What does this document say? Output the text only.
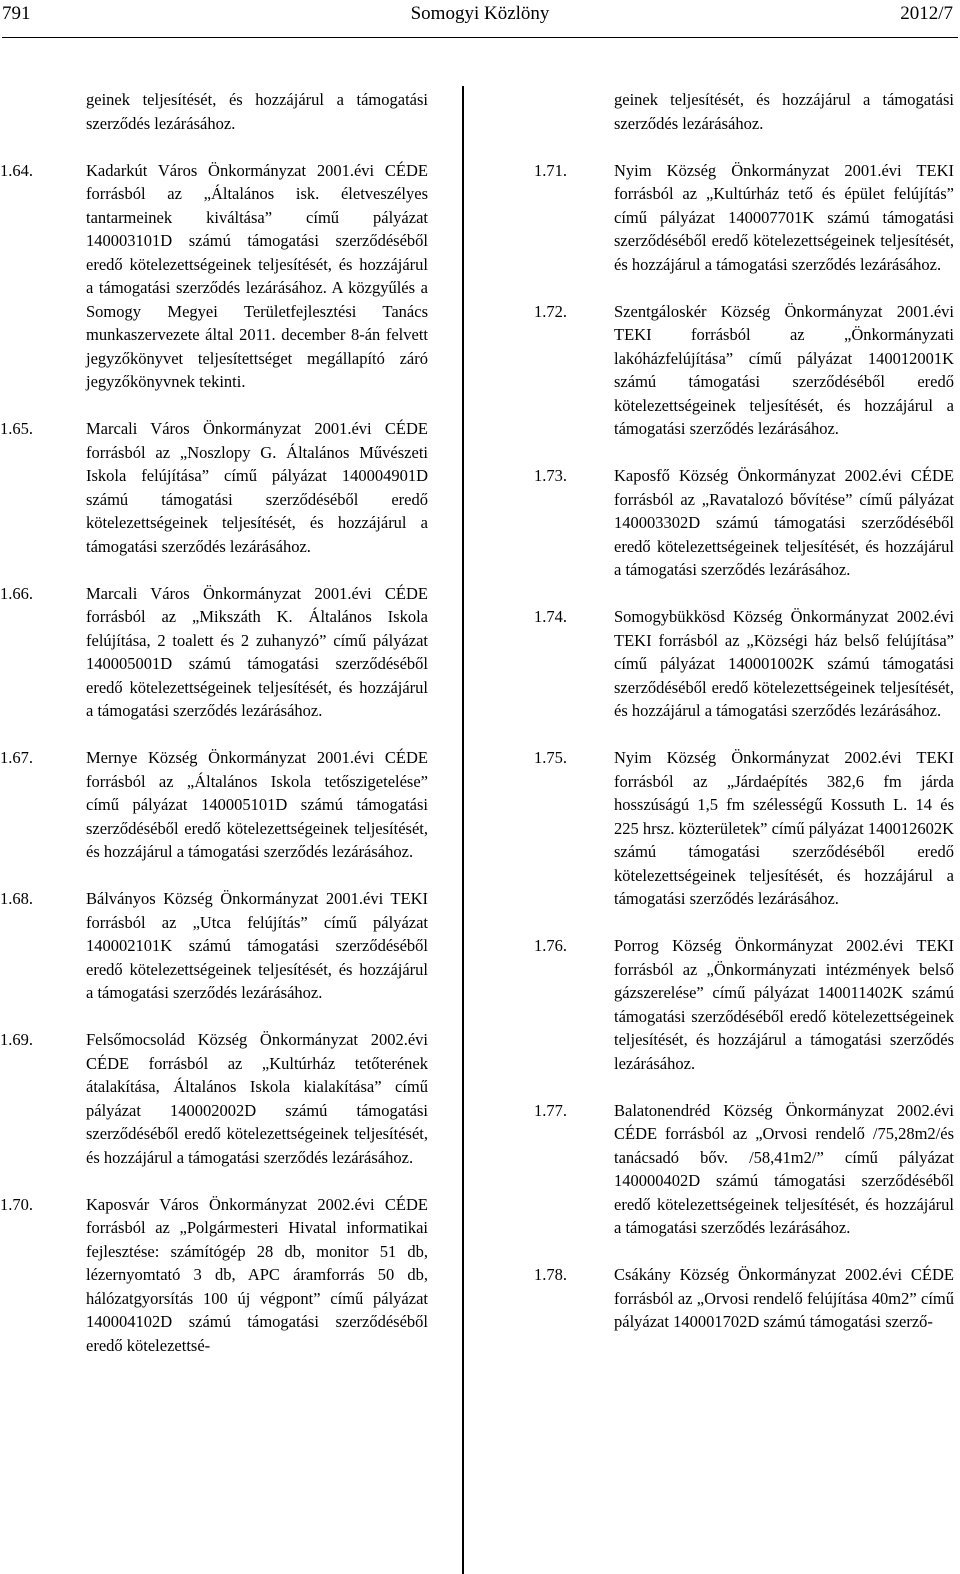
791	Somogyi Közlöny	2012/7
geinek teljesítését, és hozzájárul a támogatási szerződés lezárásához.
1.64.	Kadarkút Város Önkormányzat 2001.évi CÉDE forrásból az „Általános isk. életveszélyes tantarmeinek kiváltása” című pályázat 140003101D számú támogatási szerződéséből eredő kötelezettségeinek teljesítését, és hozzájárul a támogatási szerződés lezárásához. A közgyűlés a Somogy Megyei Területfejlesztési Tanács munkaszervezete által 2011. december 8-án felvett jegyzőkönyvet teljesítettséget megállapító záró jegyzőkönyvnek tekinti.
1.65.	Marcali Város Önkormányzat 2001.évi CÉDE forrásból az „Noszlopy G. Általános Művészeti Iskola felújítása” című pályázat 140004901D számú támogatási szerződéséből eredő kötelezettségeinek teljesítését, és hozzájárul a támogatási szerződés lezárásához.
1.66.	Marcali Város Önkormányzat 2001.évi CÉDE forrásból az „Mikszáth K. Általános Iskola felújítása, 2 toalett és 2 zuhanyzó” című pályázat 140005001D számú támogatási szerződéséből eredő kötelezettségeinek teljesítését, és hozzájárul a támogatási szerződés lezárásához.
1.67.	Mernye Község Önkormányzat 2001.évi CÉDE forrásból az „Általános Iskola tetőszigetelése” című pályázat 140005101D számú támogatási szerződéséből eredő kötelezettségeinek teljesítését, és hozzájárul a támogatási szerződés lezárásához.
1.68.	Bálványos Község Önkormányzat 2001.évi TEKI forrásból az „Utca felújítás” című pályázat 140002101K számú támogatási szerződéséből eredő kötelezettségeinek teljesítését, és hozzájárul a támogatási szerződés lezárásához.
1.69.	Felsőmocsolád Község Önkormányzat 2002.évi CÉDE forrásból az „Kultúrház tetőterének átalakítása, Általános Iskola kialakítása” című pályázat 140002002D számú támogatási szerződéséből eredő kötelezettségeinek teljesítését, és hozzájárul a támogatási szerződés lezárásához.
1.70.	Kaposvár Város Önkormányzat 2002.évi CÉDE forrásból az „Polgármesteri Hivatal informatikai fejlesztése: számítógép 28 db, monitor 51 db, lézernyomtató 3 db, APC áramforrás 50 db, hálózatgyorsítás 100 új végpont” című pályázat 140004102D számú támogatási szerződéséből eredő kötelezettsé-
geinek teljesítését, és hozzájárul a támogatási szerződés lezárásához.
1.71.	Nyim Község Önkormányzat 2001.évi TEKI forrásból az „Kultúrház tető és épület felújítás” című pályázat 140007701K számú támogatási szerződéséből eredő kötelezettségeinek teljesítését, és hozzájárul a támogatási szerződés lezárásához.
1.72.	Szentgáloskér Község Önkormányzat 2001.évi TEKI forrásból az „Önkormányzati lakóházfelújítása” című pályázat 140012001K számú támogatási szerződéséből eredő kötelezettségeinek teljesítését, és hozzájárul a támogatási szerződés lezárásához.
1.73.	Kaposfő Község Önkormányzat 2002.évi CÉDE forrásból az „Ravatalozó bővítése” című pályázat 140003302D számú támogatási szerződéséből eredő kötelezettségeinek teljesítését, és hozzájárul a támogatási szerződés lezárásához.
1.74.	Somogybükkösd Község Önkormányzat 2002.évi TEKI forrásból az „Községi ház belső felújítása” című pályázat 140001002K számú támogatási szerződéséből eredő kötelezettségeinek teljesítését, és hozzájárul a támogatási szerződés lezárásához.
1.75.	Nyim Község Önkormányzat 2002.évi TEKI forrásból az „Járdaépítés 382,6 fm járda hosszúságú 1,5 fm szélességű Kossuth L. 14 és 225 hrsz. közterületek” című pályázat 140012602K számú támogatási szerződéséből eredő kötelezettségeinek teljesítését, és hozzájárul a támogatási szerződés lezárásához.
1.76.	Porrog Község Önkormányzat 2002.évi TEKI forrásból az „Önkormányzati intézmények belső gázszerelése” című pályázat 140011402K számú támogatási szerződéséből eredő kötelezettségeinek teljesítését, és hozzájárul a támogatási szerződés lezárásához.
1.77.	Balatonendréd Község Önkormányzat 2002.évi CÉDE forrásból az „Orvosi rendelő /75,28m2/és tanácsadó bőv. /58,41m2/” című pályázat 140000402D számú támogatási szerződéséből eredő kötelezettségeinek teljesítését, és hozzájárul a támogatási szerződés lezárásához.
1.78.	Csákány Község Önkormányzat 2002.évi CÉDE forrásból az „Orvosi rendelő felújítása 40m2” című pályázat 140001702D számú támogatási szerző-
